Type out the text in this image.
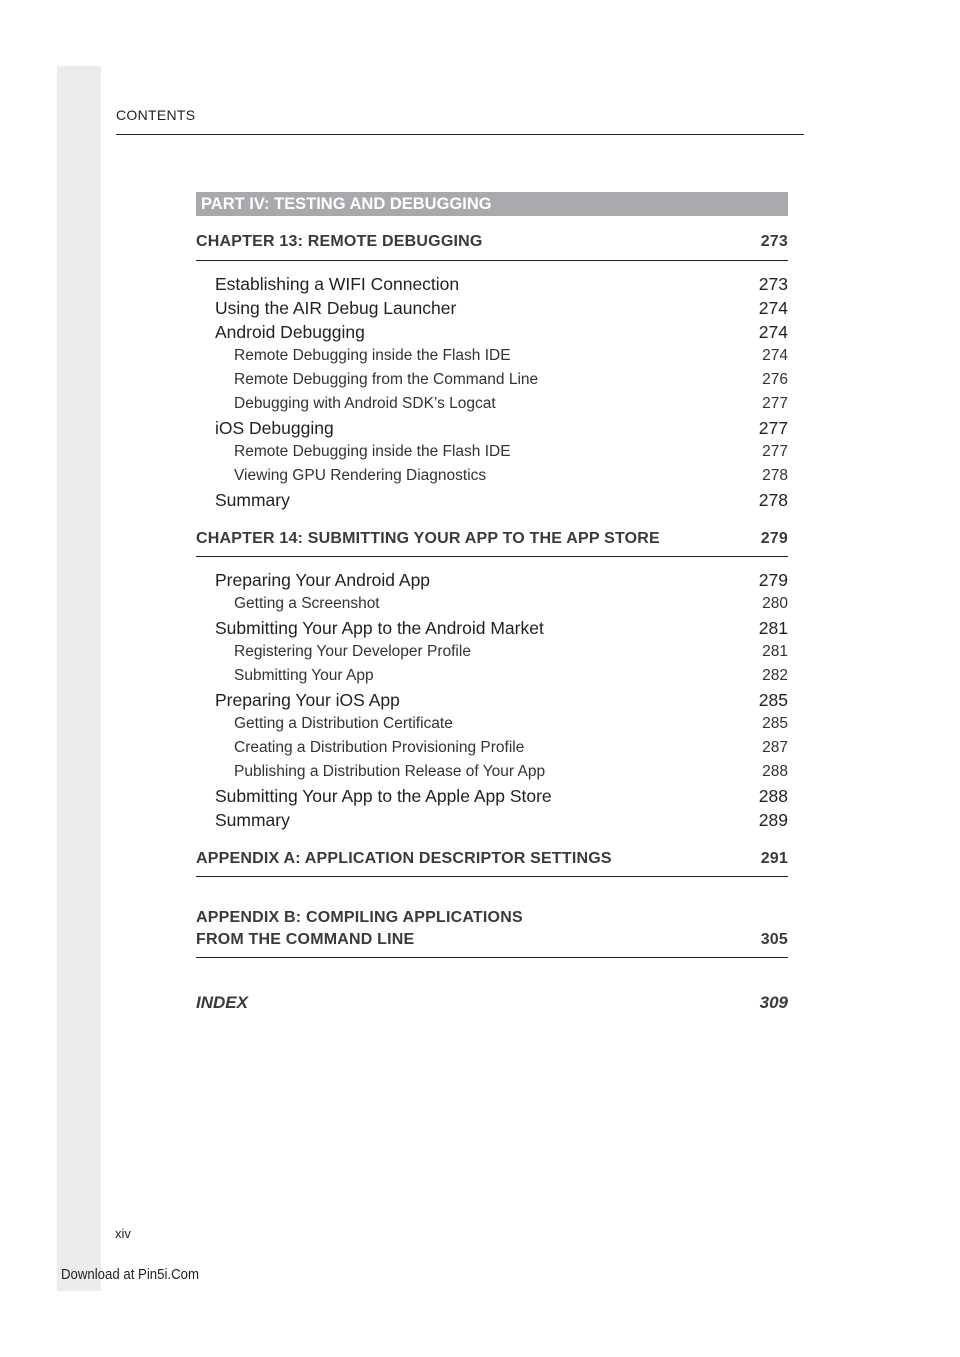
CONTENTS
PART IV: TESTING AND DEBUGGING
CHAPTER 13: REMOTE DEBUGGING	273
Establishing a WIFI Connection	273
Using the AIR Debug Launcher	274
Android Debugging	274
Remote Debugging inside the Flash IDE	274
Remote Debugging from the Command Line	276
Debugging with Android SDK’s Logcat	277
iOS Debugging	277
Remote Debugging inside the Flash IDE	277
Viewing GPU Rendering Diagnostics	278
Summary	278
CHAPTER 14: SUBMITTING YOUR APP TO THE APP STORE	279
Preparing Your Android App	279
Getting a Screenshot	280
Submitting Your App to the Android Market	281
Registering Your Developer Profile	281
Submitting Your App	282
Preparing Your iOS App	285
Getting a Distribution Certificate	285
Creating a Distribution Provisioning Profile	287
Publishing a Distribution Release of Your App	288
Submitting Your App to the Apple App Store	288
Summary	289
APPENDIX A: APPLICATION DESCRIPTOR SETTINGS	291
APPENDIX B: COMPILING APPLICATIONS
FROM THE COMMAND LINE	305
INDEX	309
xiv
Download at Pin5i.Com
